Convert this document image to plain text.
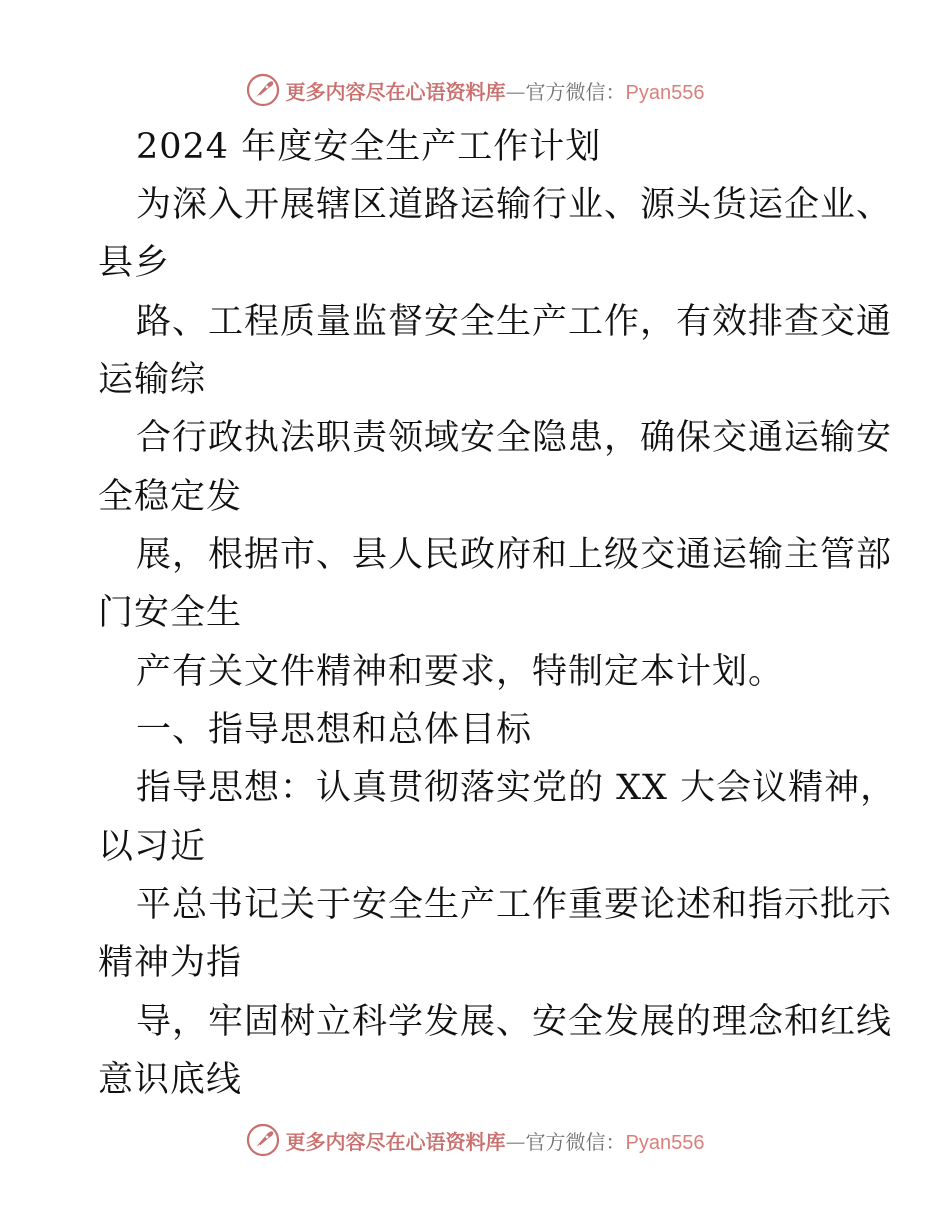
更多内容尽在心语资料库—官方微信：Pyan556
2024 年度安全生产工作计划
为深入开展辖区道路运输行业、源头货运企业、
县乡
路、工程质量监督安全生产工作，有效排查交通
运输综
合行政执法职责领域安全隐患，确保交通运输安
全稳定发
展，根据市、县人民政府和上级交通运输主管部
门安全生
产有关文件精神和要求，特制定本计划。
一、指导思想和总体目标
指导思想：认真贯彻落实党的 XX 大会议精神，
以习近
平总书记关于安全生产工作重要论述和指示批示
精神为指
导，牢固树立科学发展、安全发展的理念和红线
意识底线
更多内容尽在心语资料库—官方微信：Pyan556
